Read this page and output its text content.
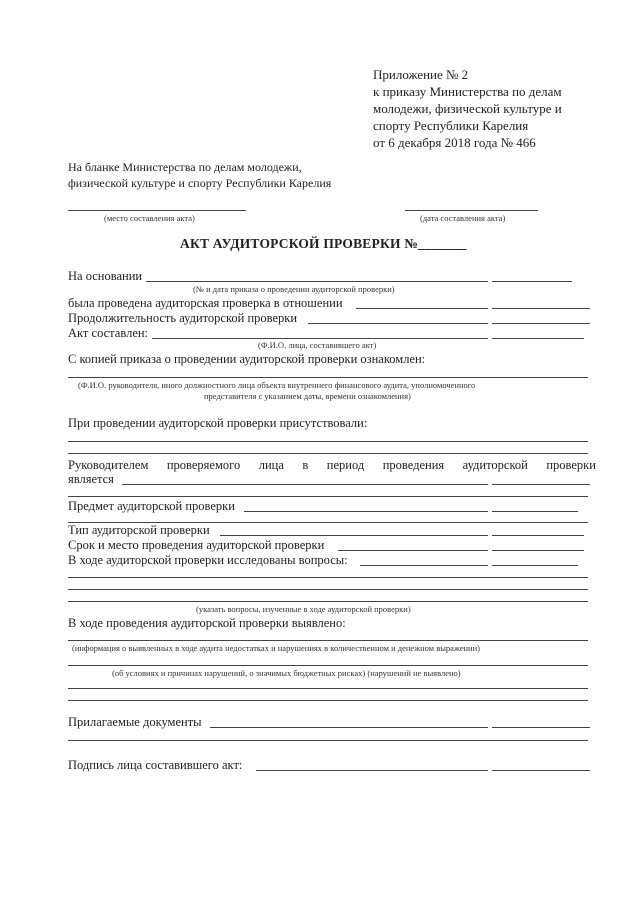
Приложение № 2
к приказу Министерства по делам
молодежи, физической культуре и
спорту Республики Карелия
от 6 декабря 2018 года № 466
На бланке Министерства по делам молодежи,
физической культуре и спорту Республики Карелия
(место составления акта)	(дата составления акта)
АКТ АУДИТОРСКОЙ ПРОВЕРКИ №_______
На основании
(№ и дата приказа о проведении аудиторской проверки)
была проведена аудиторская проверка в отношении
Продолжительность аудиторской проверки
Акт составлен:
(Ф.И.О. лица, составившего акт)
С копией приказа о проведении аудиторской проверки ознакомлен:
(Ф.И.О. руководителя, иного должностного лица объекта внутреннего финансового аудита, уполномоченного
представителя с указанием даты, времени ознакомления)
При проведении аудиторской проверки присутствовали:
Руководителем проверяемого лица в период проведения аудиторской проверки
является
Предмет аудиторской проверки
Тип аудиторской проверки
Срок и место проведения аудиторской проверки
В ходе аудиторской проверки исследованы вопросы:
(указать вопросы, изученные в ходе аудиторской проверки)
В ходе проведения аудиторской проверки выявлено:
(информация о выявленных в ходе аудита недостатках и нарушениях в количественном и денежном выражении)
(об условиях и причинах нарушений, о значимых бюджетных рисках) (нарушений не выявлено)
Прилагаемые документы
Подпись лица составившего акт:
